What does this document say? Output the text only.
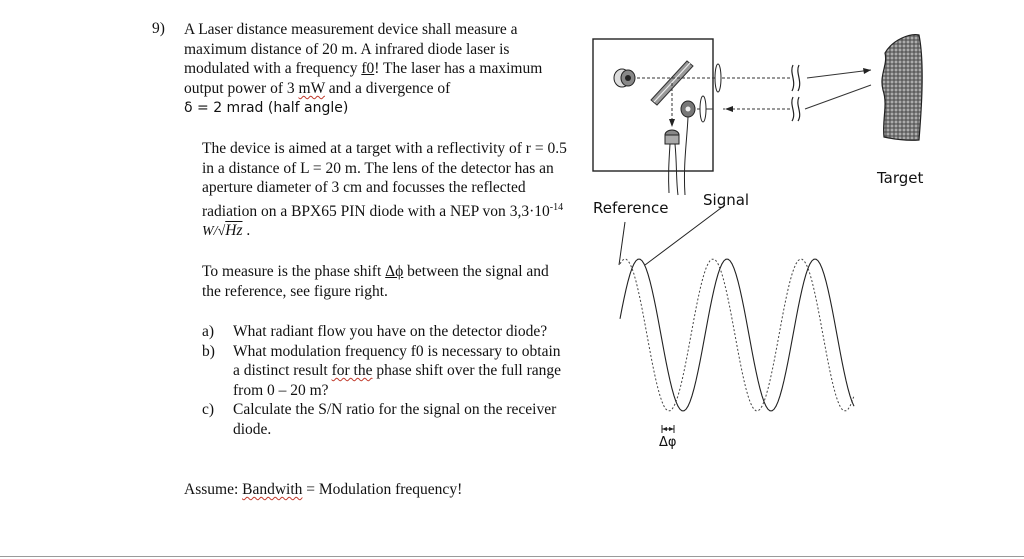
9) A Laser distance measurement device shall measure a maximum distance of 20 m. A infrared diode laser is modulated with a frequency f0! The laser has a maximum output power of 3 mW and a divergence of
δ = 2 mrad (half angle)
The device is aimed at a target with a reflectivity of r = 0.5 in a distance of L = 20 m. The lens of the detector has an aperture diameter of 3 cm and focusses the reflected radiation on a BPX65 PIN diode with a NEP von $3,3\cdot 10^{-14}$ W/√Hz .
To measure is the phase shift Δϕ between the signal and the reference, see figure right.
a)	What radiant flow you have on the detector diode?
b)	What modulation frequency f0 is necessary to obtain a distinct result for the phase shift over the full range from 0 – 20 m?
c)	Calculate the S/N ratio for the signal on the receiver diode.
Assume: Bandwith = Modulation frequency!
Reference Signal
Target
Δφ
